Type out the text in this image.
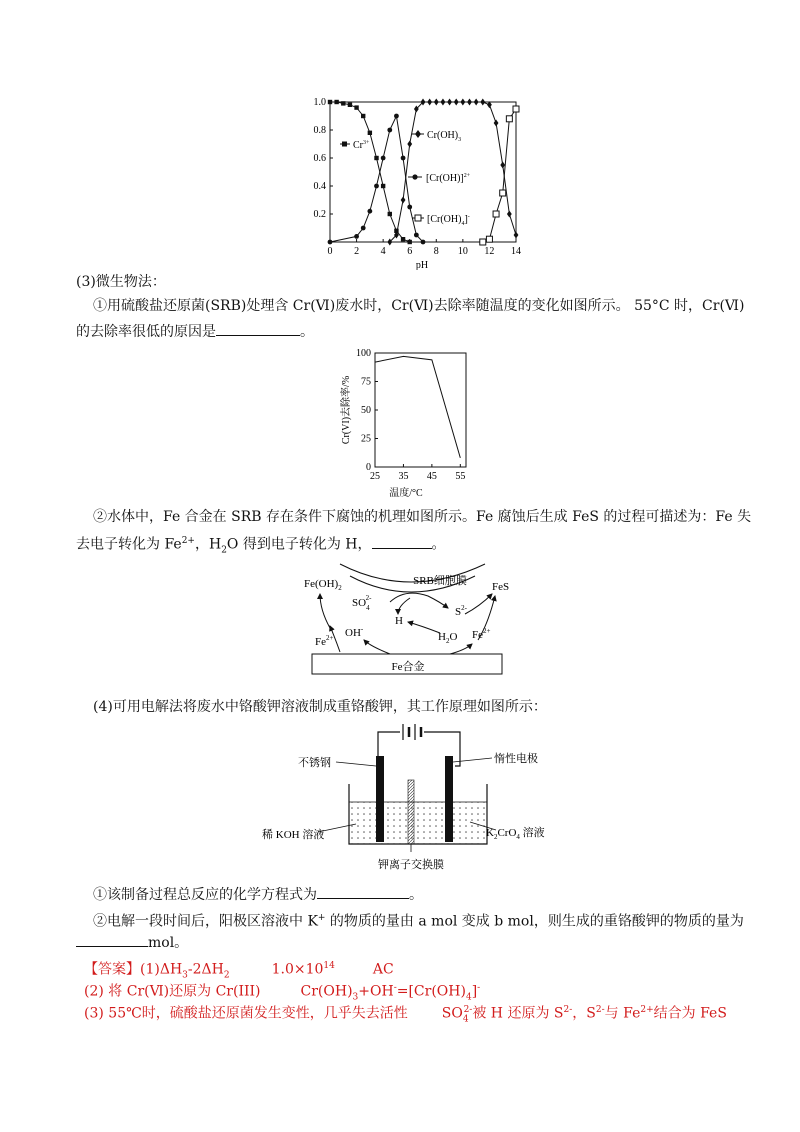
0 2 4 6 8 10 12 14
0.2
0.4
0.6
0.8
1.0
$Cr^{3+}$
$Cr(OH)_3$
$[Cr(OH)]^{2+}$
$[Cr(OH)_4]^-$
pH
(3)微生物法：
①用硫酸盐还原菌(SRB)处理含 Cr(Ⅵ)废水时，Cr(Ⅵ)去除率随温度的变化如图所示。 55°C 时，Cr(Ⅵ)
的去除率很低的原因是	。
25 35 45 55
0
25
50
75
100
Cr(VI)去除率/%
温度/°C
②水体中，Fe 合金在 SRB 存在条件下腐蚀的机理如图所示。Fe 腐蚀后生成 FeS 的过程可描述为：Fe 失
去电子转化为 $Fe^{2+}$，$H_2O$ 得到电子转化为 H，	。
SRB细胞膜
Fe合金
$Fe(OH)_2$	FeS
$SO_42-$
$S^{2-}$
H
OH-
$H_2O$
$Fe^{2+}$	$Fe^{2+}$
(4)可用电解法将废水中铬酸钾溶液制成重铬酸钾，其工作原理如图所示：
不锈钢	惰性电极
稀 KOH 溶液	$K_2CrO_4$ 溶液
钾离子交换膜
①该制备过程总反应的化学方程式为	。
②电解一段时间后，阳极区溶液中 K+ 的物质的量由 a mol 变成 b mol，则生成的重铬酸钾的物质的量为
mol。
【答案】$(1)\Delta H_3-2\Delta H_2$	$1.0\times 10^{14}$	AC
(2) 将 Cr(Ⅵ)还原为 Cr(III)	$Cr(OH)_3+OH^-=[Cr(OH)_4]^-$
(3) 55℃时，硫酸盐还原菌发生变性，几乎失去活性 $SO_4^{2-}$被 H 还原为 $S^{2-}$，$S^{2-}$与 $Fe^{2+}$结合为 FeS
